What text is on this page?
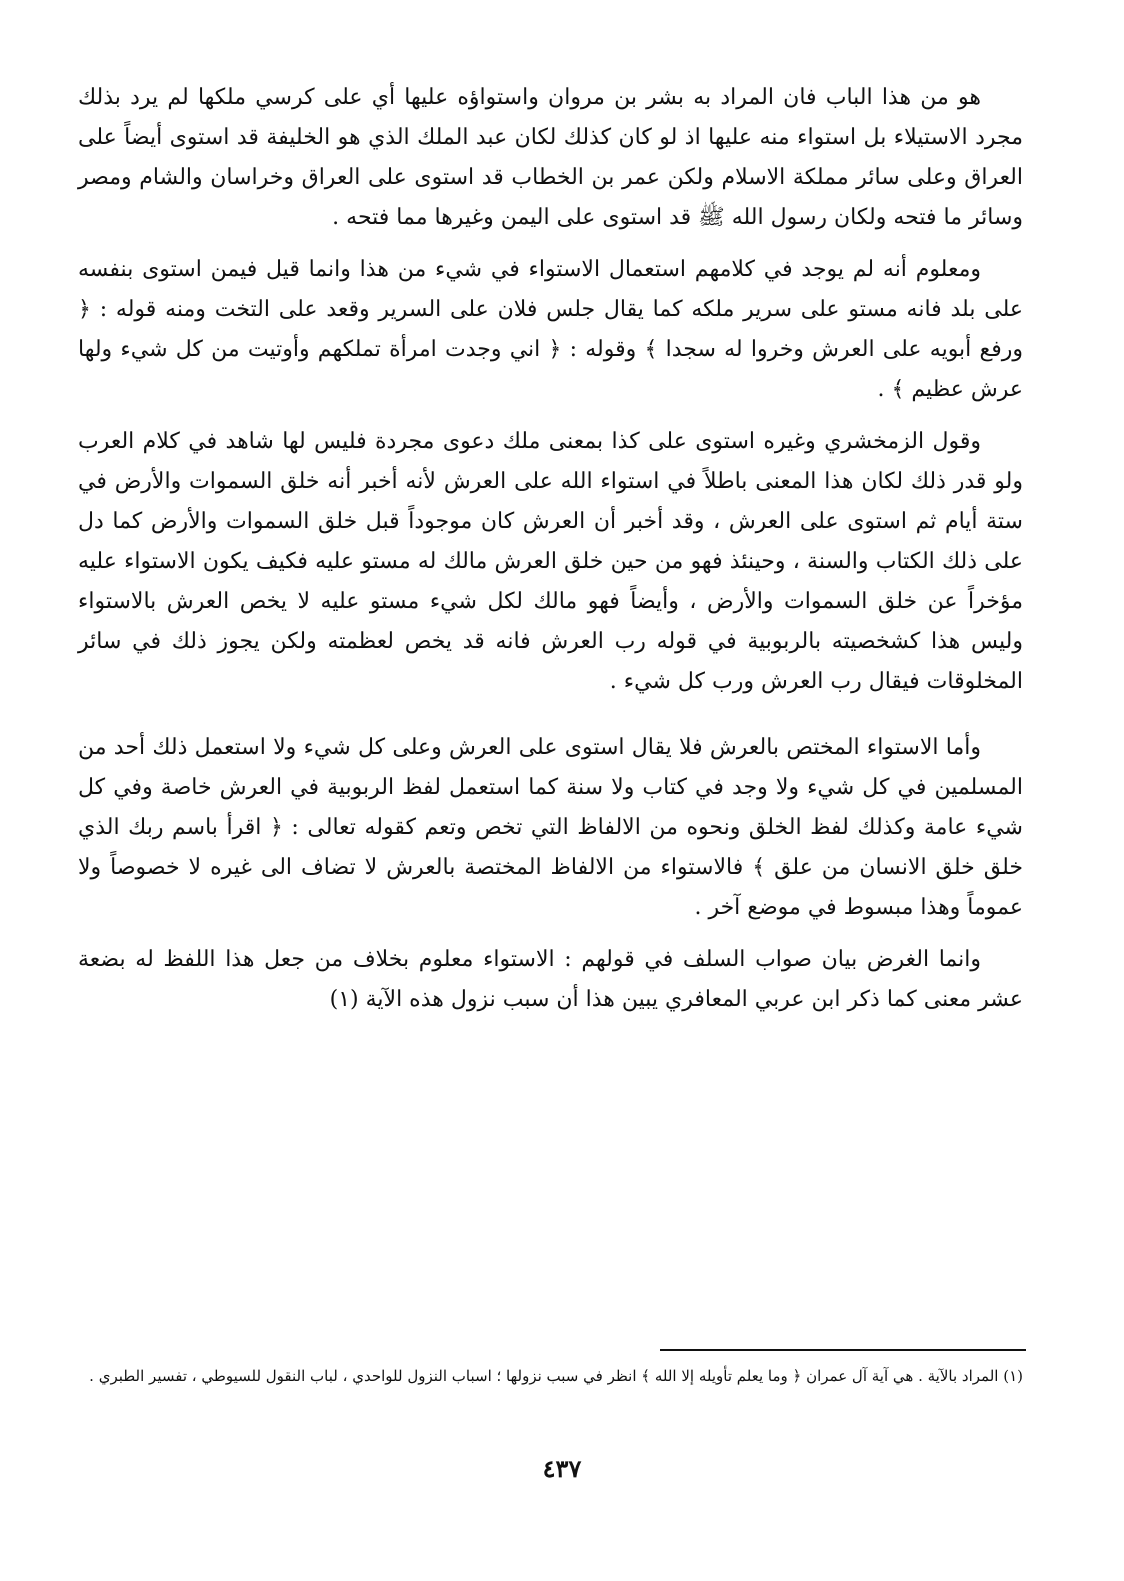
هو من هذا الباب فان المراد به بشر بن مروان واستواؤه عليها أي على كرسي ملكها لم يرد بذلك مجرد الاستيلاء بل استواء منه عليها اذ لو كان كذلك لكان عبد الملك الذي هو الخليفة قد استوى أيضاً على العراق وعلى سائر مملكة الاسلام ولكن عمر بن الخطاب قد استوى على العراق وخراسان والشام ومصر وسائر ما فتحه ولكان رسول الله ﷺ قد استوى على اليمن وغيرها مما فتحه .

ومعلوم أنه لم يوجد في كلامهم استعمال الاستواء في شيء من هذا وانما قيل فيمن استوى بنفسه على بلد فانه مستو على سرير ملكه كما يقال جلس فلان على السرير وقعد على التخت ومنه قوله : ﴿ ورفع أبويه على العرش وخروا له سجدا ﴾ وقوله : ﴿ اني وجدت امرأة تملكهم وأوتيت من كل شيء ولها عرش عظيم ﴾ .

وقول الزمخشري وغيره استوى على كذا بمعنى ملك دعوى مجردة فليس لها شاهد في كلام العرب ولو قدر ذلك لكان هذا المعنى باطلاً في استواء الله على العرش لأنه أخبر أنه خلق السموات والأرض في ستة أيام ثم استوى على العرش ، وقد أخبر أن العرش كان موجوداً قبل خلق السموات والأرض كما دل على ذلك الكتاب والسنة ، وحينئذ فهو من حين خلق العرش مالك له مستو عليه فكيف يكون الاستواء عليه مؤخراً عن خلق السموات والأرض ، وأيضاً فهو مالك لكل شيء مستو عليه لا يخص العرش بالاستواء وليس هذا كشخصيته بالربوبية في قوله رب العرش فانه قد يخص لعظمته ولكن يجوز ذلك في سائر المخلوقات فيقال رب العرش ورب كل شيء .

وأما الاستواء المختص بالعرش فلا يقال استوى على العرش وعلى كل شيء ولا استعمل ذلك أحد من المسلمين في كل شيء ولا وجد في كتاب ولا سنة كما استعمل لفظ الربوبية في العرش خاصة وفي كل شيء عامة وكذلك لفظ الخلق ونحوه من الالفاظ التي تخص وتعم كقوله تعالى : ﴿ اقرأ باسم ربك الذي خلق خلق الانسان من علق ﴾ فالاستواء من الالفاظ المختصة بالعرش لا تضاف الى غيره لا خصوصاً ولا عموماً وهذا مبسوط في موضع آخر .

وانما الغرض بيان صواب السلف في قولهم : الاستواء معلوم بخلاف من جعل هذا اللفظ له بضعة عشر معنى كما ذكر ابن عربي المعافري يبين هذا أن سبب نزول هذه الآية (١)

(١) المراد بالآية . هي آية آل عمران ﴿ وما يعلم تأويله إلا الله ﴾ انظر في سبب نزولها ؛ اسباب النزول للواحدي ، لباب النقول للسيوطي ، تفسير الطبري .

٤٣٧
